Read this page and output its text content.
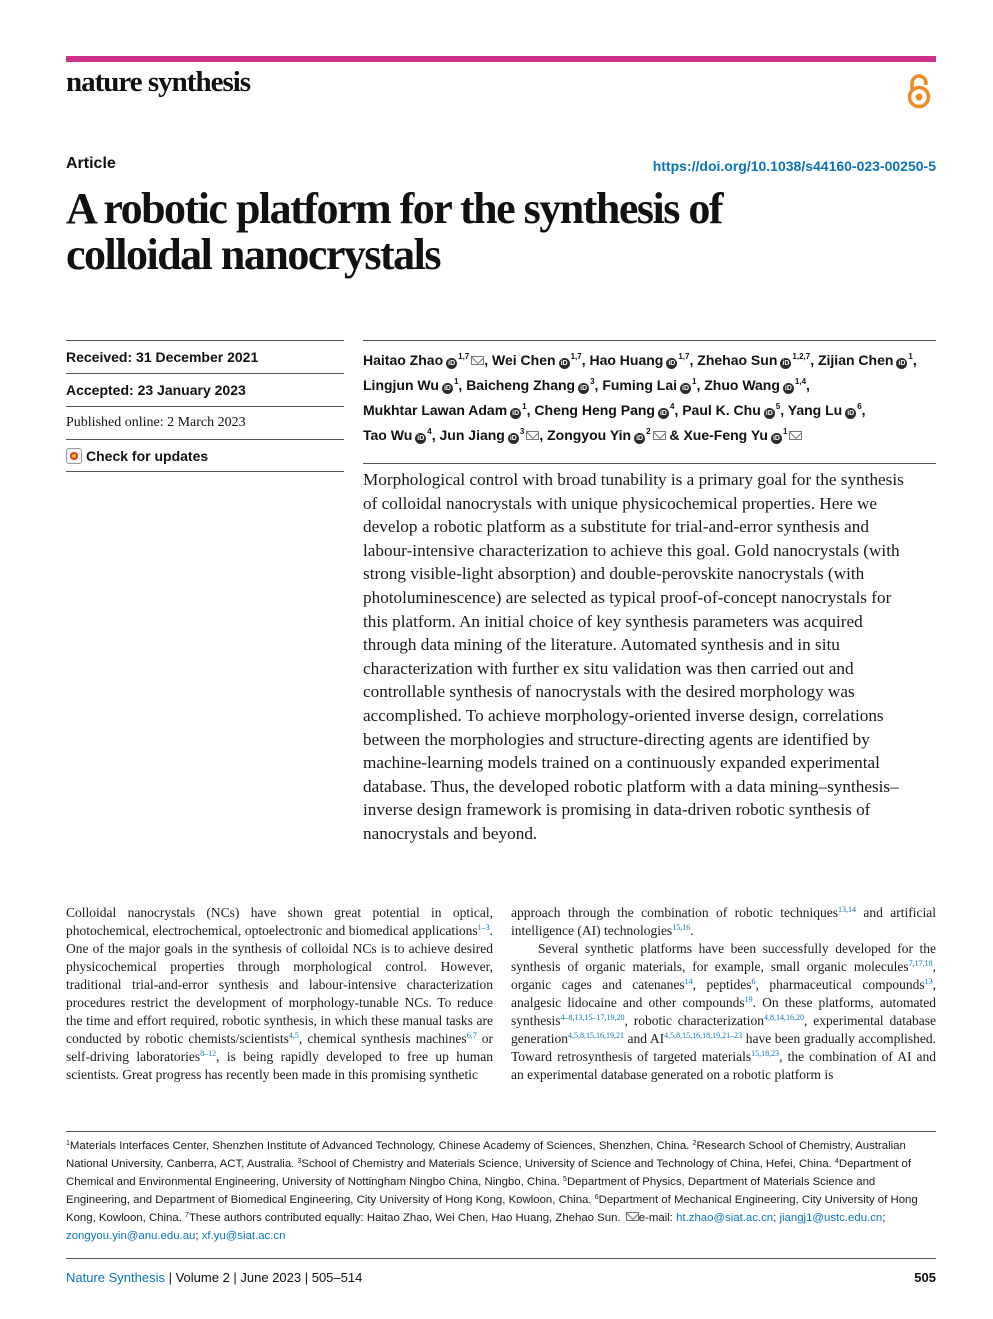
nature synthesis
Article	https://doi.org/10.1038/s44160-023-00250-5
A robotic platform for the synthesis of
colloidal nanocrystals
Received: 31 December 2021
Accepted: 23 January 2023
Published online: 2 March 2023
Check for updates
Haitao Zhao iD$^{1,7}$ , Wei Chen iD$^{1,7}$, Hao Huang iD$^{1,7}$, Zhehao Sun iD$^{1,2,7}$, Zijian Chen iD$^1$, Lingjun Wu iD$^1$, Baicheng Zhang iD$^3$, Fuming Lai iD$^1$, Zhuo Wang iD$^{1,4}$, Mukhtar Lawan Adam iD$^1$, Cheng Heng Pang iD$^4$, Paul K. Chu iD$^5$, Yang Lu iD$^6$, Tao Wu iD$^4$, Jun Jiang iD$^3$ , Zongyou Yin iD$^2$ & Xue-Feng Yu iD$^1$

Morphological control with broad tunability is a primary goal for the synthesis of colloidal nanocrystals with unique physicochemical properties. Here we develop a robotic platform as a substitute for trial-and-error synthesis and labour-intensive characterization to achieve this goal. Gold nanocrystals (with strong visible-light absorption) and double-perovskite nanocrystals (with photoluminescence) are selected as typical proof-of-concept nanocrystals for this platform. An initial choice of key synthesis parameters was acquired through data mining of the literature. Automated synthesis and in situ characterization with further ex situ validation was then carried out and controllable synthesis of nanocrystals with the desired morphology was accomplished. To achieve morphology-oriented inverse design, correlations between the morphologies and structure-directing agents are identified by machine-learning models trained on a continuously expanded experimental database. Thus, the developed robotic platform with a data mining–synthesis–inverse design framework is promising in data-driven robotic synthesis of nanocrystals and beyond.

Colloidal nanocrystals (NCs) have shown great potential in optical, photochemical, electrochemical, optoelectronic and biomedical applications$^{1-3}$. One of the major goals in the synthesis of colloidal NCs is to achieve desired physicochemical properties through morphological control. However, traditional trial-and-error synthesis and labour-intensive characterization procedures restrict the development of morphology-tunable NCs. To reduce the time and effort required, robotic synthesis, in which these manual tasks are conducted by robotic chemists/scientists$^{4,5}$, chemical synthesis machines$^{6,7}$ or self-driving laboratories$^{8-12}$, is being rapidly developed to free up human scientists. Great progress has recently been made in this promising synthetic

approach through the combination of robotic techniques$^{13,14}$ and artificial intelligence (AI) technologies$^{15,16}$.

Several synthetic platforms have been successfully developed for the synthesis of organic materials, for example, small organic molecules$^{7,17,18}$, organic cages and catenanes$^{14}$, peptides$^6$, pharmaceutical compounds$^{13}$, analgesic lidocaine and other compounds$^{19}$. On these platforms, automated synthesis$^{4-8,13,15-17,19,20}$, robotic characterization$^{4,8,14,16,20}$, experimental database generation$^{4,5,8,15,16,19,21}$ and AI$^{4,5,8,15,16,18,19,21-23}$ have been gradually accomplished. Toward retrosynthesis of targeted materials$^{15,18,23}$, the combination of AI and an experimental database generated on a robotic platform is

$^1$Materials Interfaces Center, Shenzhen Institute of Advanced Technology, Chinese Academy of Sciences, Shenzhen, China. $^2$Research School of Chemistry, Australian National University, Canberra, ACT, Australia. $^3$School of Chemistry and Materials Science, University of Science and Technology of China, Hefei, China. $^4$Department of Chemical and Environmental Engineering, University of Nottingham Ningbo China, Ningbo, China. $^5$Department of Physics, Department of Materials Science and Engineering, and Department of Biomedical Engineering, City University of Hong Kong, Kowloon, China. $^6$Department of Mechanical Engineering, City University of Hong Kong, Kowloon, China. $^7$These authors contributed equally: Haitao Zhao, Wei Chen, Hao Huang, Zhehao Sun. e-mail: ht.zhao@siat.ac.cn; jiangj1@ustc.edu.cn; zongyou.yin@anu.edu.au; xf.yu@siat.ac.cn
Nature Synthesis | Volume 2 | June 2023 | 505–514	505
